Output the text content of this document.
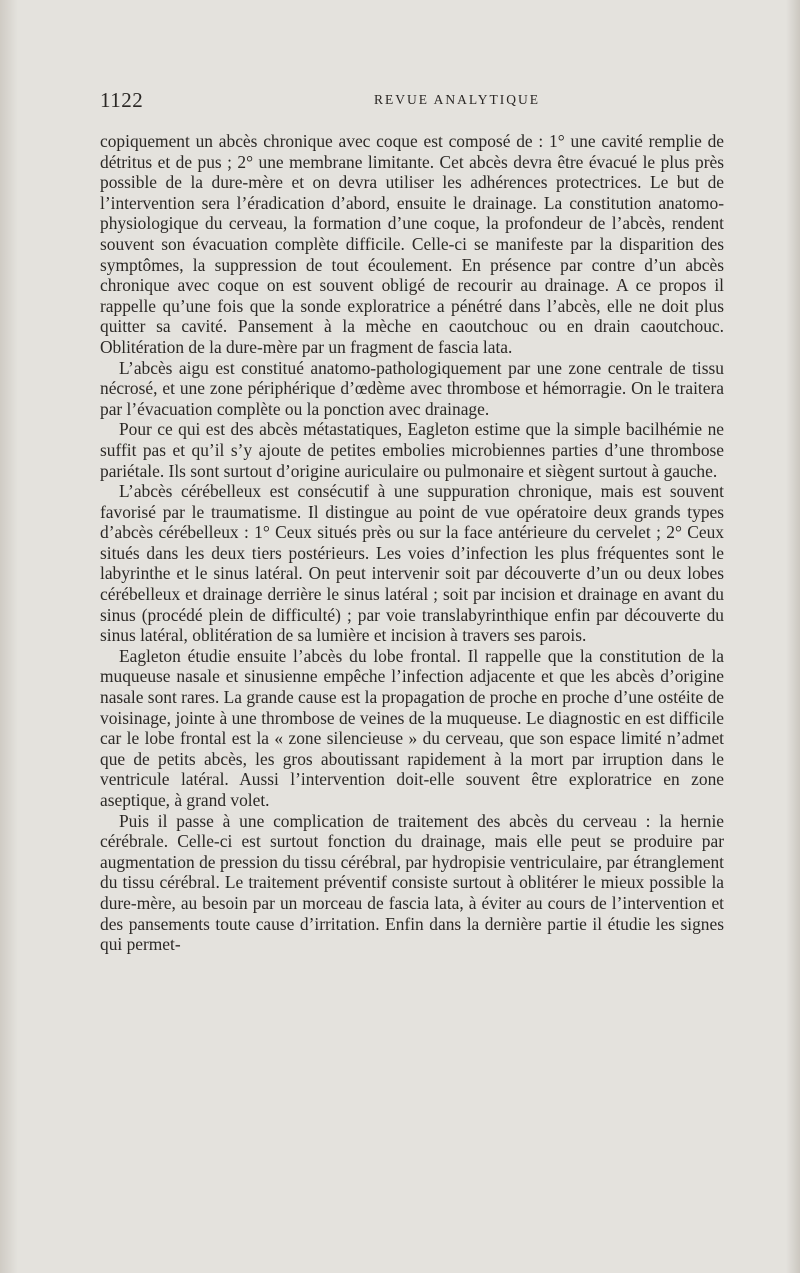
1122	REVUE ANALYTIQUE

copiquement un abcès chronique avec coque est composé de : 1° une cavité remplie de détritus et de pus ; 2° une membrane limitante. Cet abcès devra être évacué le plus près possible de la dure-mère et on devra utiliser les adhérences protectrices. Le but de l’intervention sera l’éradication d’abord, ensuite le drainage. La constitution anatomo-physiologique du cerveau, la formation d’une coque, la profondeur de l’abcès, rendent souvent son évacuation complète difficile. Celle-ci se manifeste par la disparition des symptômes, la suppression de tout écoulement. En présence par contre d’un abcès chronique avec coque on est souvent obligé de recourir au drainage. A ce propos il rappelle qu’une fois que la sonde exploratrice a pénétré dans l’abcès, elle ne doit plus quitter sa cavité. Pansement à la mèche en caoutchouc ou en drain caoutchouc. Oblitération de la dure-mère par un fragment de fascia lata.

L’abcès aigu est constitué anatomo-pathologiquement par une zone centrale de tissu nécrosé, et une zone périphérique d’œdème avec thrombose et hémorragie. On le traitera par l’évacuation complète ou la ponction avec drainage.

Pour ce qui est des abcès métastatiques, Eagleton estime que la simple bacilhémie ne suffit pas et qu’il s’y ajoute de petites embolies microbiennes parties d’une thrombose pariétale. Ils sont surtout d’origine auriculaire ou pulmonaire et siègent surtout à gauche.

L’abcès cérébelleux est consécutif à une suppuration chronique, mais est souvent favorisé par le traumatisme. Il distingue au point de vue opératoire deux grands types d’abcès cérébelleux : 1° Ceux situés près ou sur la face antérieure du cervelet ; 2° Ceux situés dans les deux tiers postérieurs. Les voies d’infection les plus fréquentes sont le labyrinthe et le sinus latéral. On peut intervenir soit par découverte d’un ou deux lobes cérébelleux et drainage derrière le sinus latéral ; soit par incision et drainage en avant du sinus (procédé plein de difficulté) ; par voie translabyrinthique enfin par découverte du sinus latéral, oblitération de sa lumière et incision à travers ses parois.

Eagleton étudie ensuite l’abcès du lobe frontal. Il rappelle que la constitution de la muqueuse nasale et sinusienne empêche l’infection adjacente et que les abcès d’origine nasale sont rares. La grande cause est la propagation de proche en proche d’une ostéite de voisinage, jointe à une thrombose de veines de la muqueuse. Le diagnostic en est difficile car le lobe frontal est la « zone silencieuse » du cerveau, que son espace limité n’admet que de petits abcès, les gros aboutissant rapidement à la mort par irruption dans le ventricule latéral. Aussi l’intervention doit-elle souvent être exploratrice en zone aseptique, à grand volet.

Puis il passe à une complication de traitement des abcès du cerveau : la hernie cérébrale. Celle-ci est surtout fonction du drainage, mais elle peut se produire par augmentation de pression du tissu cérébral, par hydropisie ventriculaire, par étranglement du tissu cérébral. Le traitement préventif consiste surtout à oblitérer le mieux possible la dure-mère, au besoin par un morceau de fascia lata, à éviter au cours de l’intervention et des pansements toute cause d’irritation. Enfin dans la dernière partie il étudie les signes qui permet-
